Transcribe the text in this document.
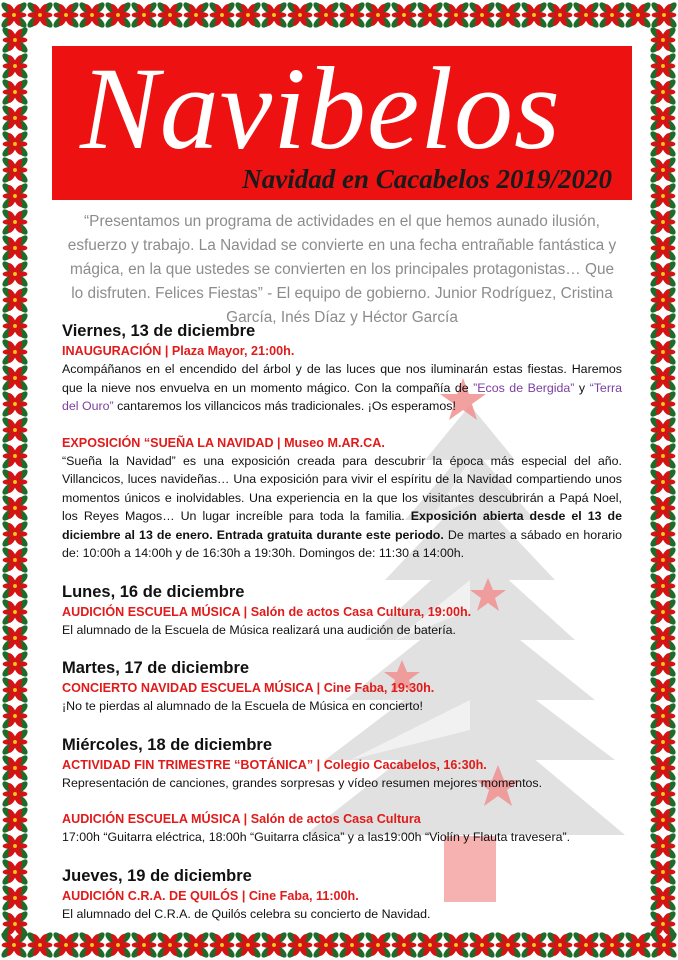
Navibelos
Navidad en Cacabelos 2019/2020
“Presentamos un programa de actividades en el que hemos aunado ilusión, esfuerzo y trabajo. La Navidad se convierte en una fecha entrañable fantástica y mágica, en la que ustedes se convierten en los principales protagonistas… Que lo disfruten. Felices Fiestas” - El equipo de gobierno. Junior Rodríguez, Cristina García, Inés Díaz y Héctor García
Viernes, 13 de diciembre
INAUGURACIÓN | Plaza Mayor, 21:00h.
Acompáñanos en el encendido del árbol y de las luces que nos iluminarán estas fiestas. Haremos que la nieve nos envuelva en un momento mágico. Con la compañía de ”Ecos de Bergida” y “Terra del Ouro” cantaremos los villancicos más tradicionales. ¡Os esperamos!
EXPOSICIÓN “SUEÑA LA NAVIDAD | Museo M.AR.CA.
“Sueña la Navidad” es una exposición creada para descubrir la época más especial del año. Villancicos, luces navideñas… Una exposición para vivir el espíritu de la Navidad compartiendo unos momentos únicos e inolvidables. Una experiencia en la que los visitantes descubrirán a Papá Noel, los Reyes Magos… Un lugar increíble para toda la familia. Exposición abierta desde el 13 de diciembre al 13 de enero. Entrada gratuita durante este periodo. De martes a sábado en horario de: 10:00h a 14:00h y de 16:30h a 19:30h. Domingos de: 11:30 a 14:00h.
Lunes, 16 de diciembre
AUDICIÓN ESCUELA MÚSICA | Salón de actos Casa Cultura, 19:00h.
El alumnado de la Escuela de Música realizará una audición de batería.
Martes, 17 de diciembre
CONCIERTO NAVIDAD ESCUELA MÚSICA | Cine Faba, 19:30h.
¡No te pierdas al alumnado de la Escuela de Música en concierto!
Miércoles, 18 de diciembre
ACTIVIDAD FIN TRIMESTRE “BOTÁNICA” | Colegio Cacabelos, 16:30h.
Representación de canciones, grandes sorpresas y vídeo resumen mejores momentos.
AUDICIÓN ESCUELA MÚSICA | Salón de actos Casa Cultura
17:00h “Guitarra eléctrica, 18:00h “Guitarra clásica” y a las19:00h “Violín y Flauta travesera”.
Jueves, 19 de diciembre
AUDICIÓN C.R.A. DE QUILÓS | Cine Faba, 11:00h.
El alumnado del C.R.A. de Quilós celebra su concierto de Navidad.
